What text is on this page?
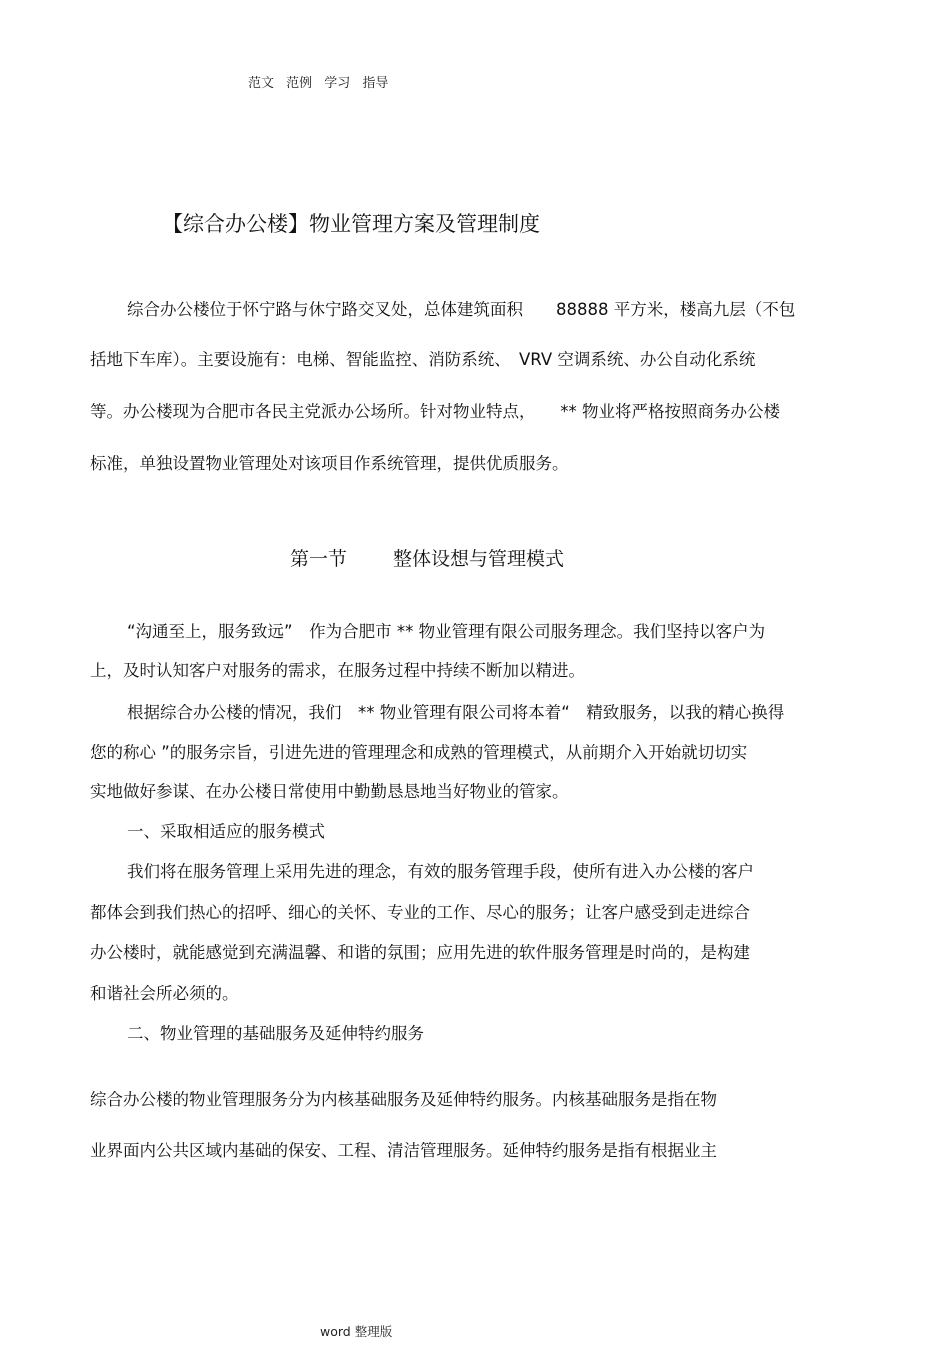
范文 范例 学习 指导

【综合办公楼】物业管理方案及管理制度

综合办公楼位于怀宁路与休宁路交叉处，总体建筑面积　　88888 平方米，楼高九层（不包

括地下车库）。主要设施有：电梯、智能监控、消防系统、　VRV 空调系统、办公自动化系统

等。办公楼现为合肥市各民主党派办公场所。针对物业特点，　　** 物业将严格按照商务办公楼

标准，单独设置物业管理处对该项目作系统管理，提供优质服务。

第一节 整体设想与管理模式

“沟通至上，服务致远”　作为合肥市 ** 物业管理有限公司服务理念。我们坚持以客户为

上，及时认知客户对服务的需求，在服务过程中持续不断加以精进。

根据综合办公楼的情况，我们　** 物业管理有限公司将本着“　精致服务，以我的精心换得

您的称心 ”的服务宗旨，引进先进的管理理念和成熟的管理模式，从前期介入开始就切切实

实地做好参谋、在办公楼日常使用中勤勤恳恳地当好物业的管家。

一、采取相适应的服务模式

我们将在服务管理上采用先进的理念，有效的服务管理手段，使所有进入办公楼的客户

都体会到我们热心的招呼、细心的关怀、专业的工作、尽心的服务；让客户感受到走进综合

办公楼时，就能感觉到充满温馨、和谐的氛围；应用先进的软件服务管理是时尚的，是构建

和谐社会所必须的。

二、物业管理的基础服务及延伸特约服务

综合办公楼的物业管理服务分为内核基础服务及延伸特约服务。内核基础服务是指在物

业界面内公共区域内基础的保安、工程、清洁管理服务。延伸特约服务是指有根据业主

word 整理版
